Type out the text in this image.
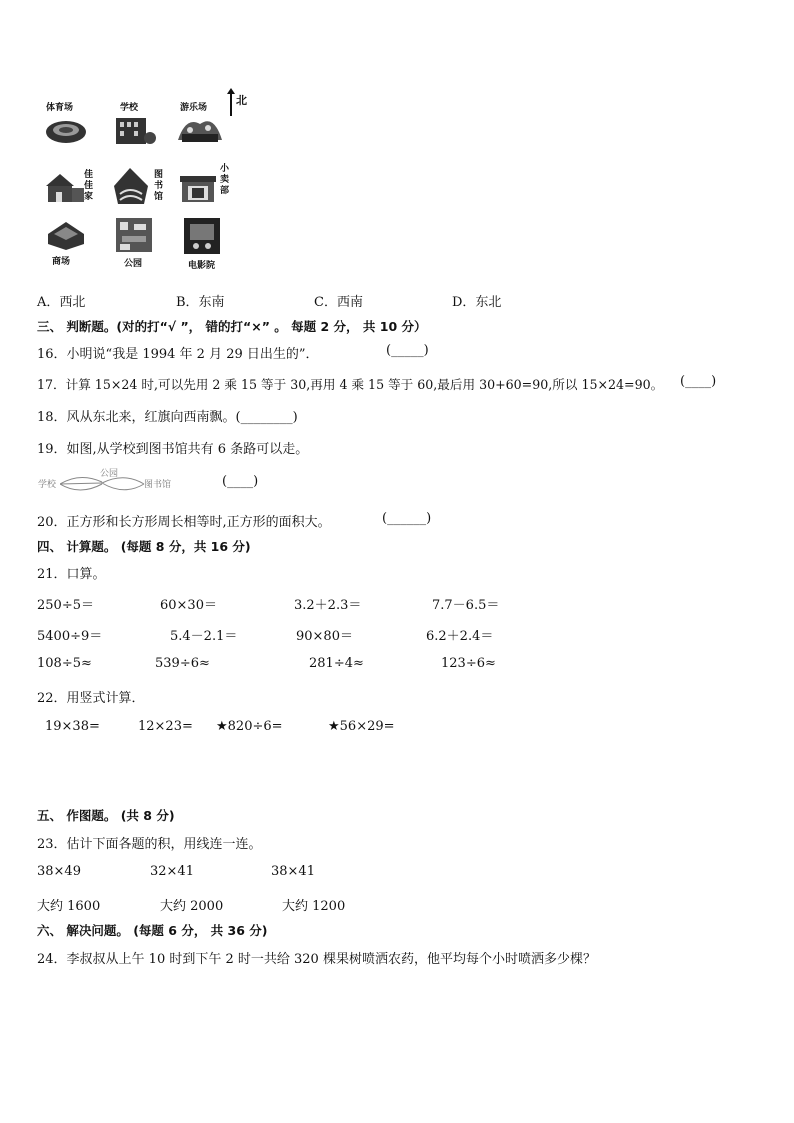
体育场	学校	游乐场
佳佳家
图书馆
小卖部
商场	公园	电影院
北
A．西北	B．东南	C．西南	D．东北
三、 判断题。(对的打“√ ”， 错的打“×” 。 每题 2 分， 共 10 分）
16．小明说“我是 1994 年 2 月 29 日出生的”．	(_____)
17．计算 15×24 时,可以先用 2 乘 15 等于 30,再用 4 乘 15 等于 60,最后用 30+60=90,所以 15×24=90。 (____)
18．风从东北来，红旗向西南飘。(________)
19．如图,从学校到图书馆共有 6 条路可以走。
学校
公园
图书馆	(____)
20．正方形和长方形周长相等时,正方形的面积大。	(______)
四、 计算题。 (每题 8 分，共 16 分)
21．口算。
250÷5＝	60×30＝	3.2＋2.3＝	7.7－6.5＝
5400÷9＝	5.4－2.1＝	90×80＝	6.2＋2.4＝
108÷5≈	539÷6≈	281÷4≈	123÷6≈
22．用竖式计算．
19×38=	12×23= ★820÷6=	★56×29=
五、 作图题。 (共 8 分)
23．估计下面各题的积，用线连一连。
38×49	32×41	38×41
大约 1600	大约 2000	大约 1200
六、 解决问题。 (每题 6 分， 共 36 分)
24．李叔叔从上午 10 时到下午 2 时一共给 320 棵果树喷洒农药，他平均每个小时喷洒多少棵？
